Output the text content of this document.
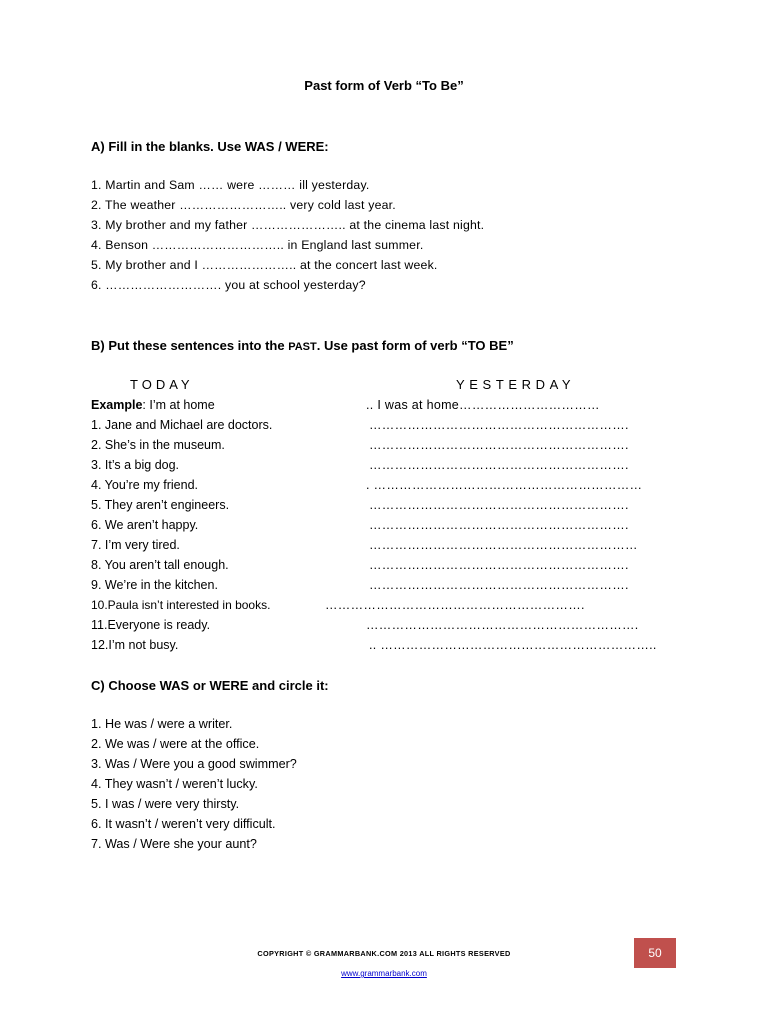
Past form of Verb “To Be”
A) Fill in the blanks. Use WAS / WERE:
1. Martin and Sam …… were ……… ill yesterday.
2. The weather …………………….. very cold last year.
3. My brother and my father ………………….. at the cinema last night.
4. Benson ………………………….. in England last summer.
5. My brother and I ………………….. at the concert last week.
6. ………………………. you at school yesterday?
B) Put these sentences into the PAST. Use past form of verb “TO BE”
TODAY	YESTERDAY
Example: I’m at home	.. I was at home……………………………
1. Jane and Michael are doctors.	…………………………………………………….
2. She’s in the museum.	…………………………………………………….
3. It’s a big dog.	…………………………………………………….
4. You’re my friend.	. ………………………………………………………
5. They aren’t engineers.	…………………………………………………….
6. We aren’t happy.	…………………………………………………….
7. I’m very tired.	………………………………………………………
8. You aren’t tall enough.	…………………………………………………….
9. We’re in the kitchen.	…………………………………………………….
10.Paula isn’t interested in books.	…………………………………………………….
11.Everyone is ready.	……………………………………………………….
12.I’m not busy.	.. ………………………………………………………..
C) Choose WAS or WERE and circle it:
1. He was / were a writer.
2. We was / were at the office.
3. Was / Were you a good swimmer?
4. They wasn’t / weren’t lucky.
5. I was / were very thirsty.
6. It wasn’t / weren’t very difficult.
7. Was / Were she your aunt?
COPYRIGHT © GRAMMARBANK.COM 2013 ALL RIGHTS RESERVED
www.grammarbank.com
50
